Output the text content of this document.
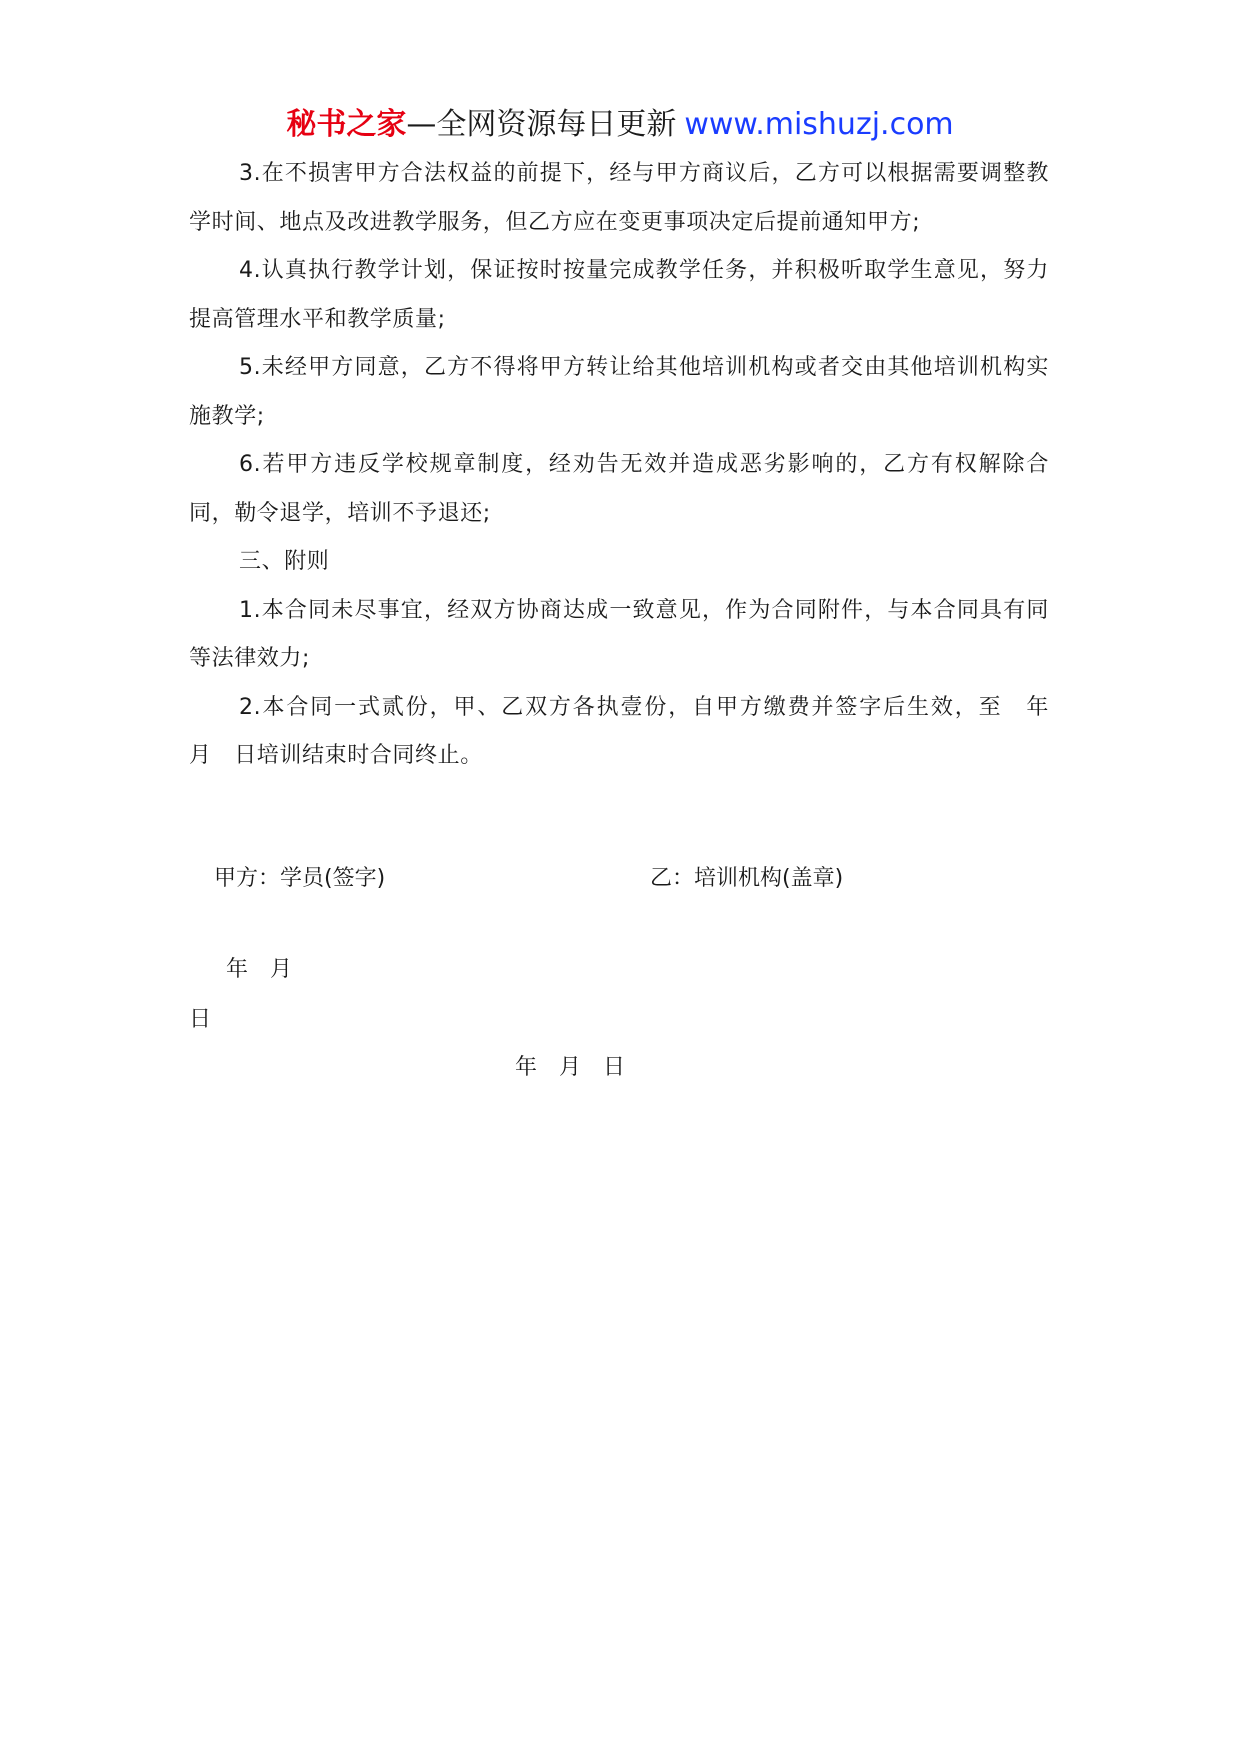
秘书之家—全网资源每日更新 www.mishuzj.com

3.在不损害甲方合法权益的前提下，经与甲方商议后，乙方可以根据需要调整教学时间、地点及改进教学服务，但乙方应在变更事项决定后提前通知甲方;

4.认真执行教学计划，保证按时按量完成教学任务，并积极听取学生意见，努力提高管理水平和教学质量;

5.未经甲方同意，乙方不得将甲方转让给其他培训机构或者交由其他培训机构实施教学;

6.若甲方违反学校规章制度，经劝告无效并造成恶劣影响的，乙方有权解除合同，勒令退学，培训不予退还;

三、附则

1.本合同未尽事宜，经双方协商达成一致意见，作为合同附件，与本合同具有同等法律效力;

2.本合同一式贰份，甲、乙双方各执壹份，自甲方缴费并签字后生效，至　年　月　日培训结束时合同终止。

甲方：学员(签字)	乙：培训机构(盖章)
年　月
日
年　月　日
